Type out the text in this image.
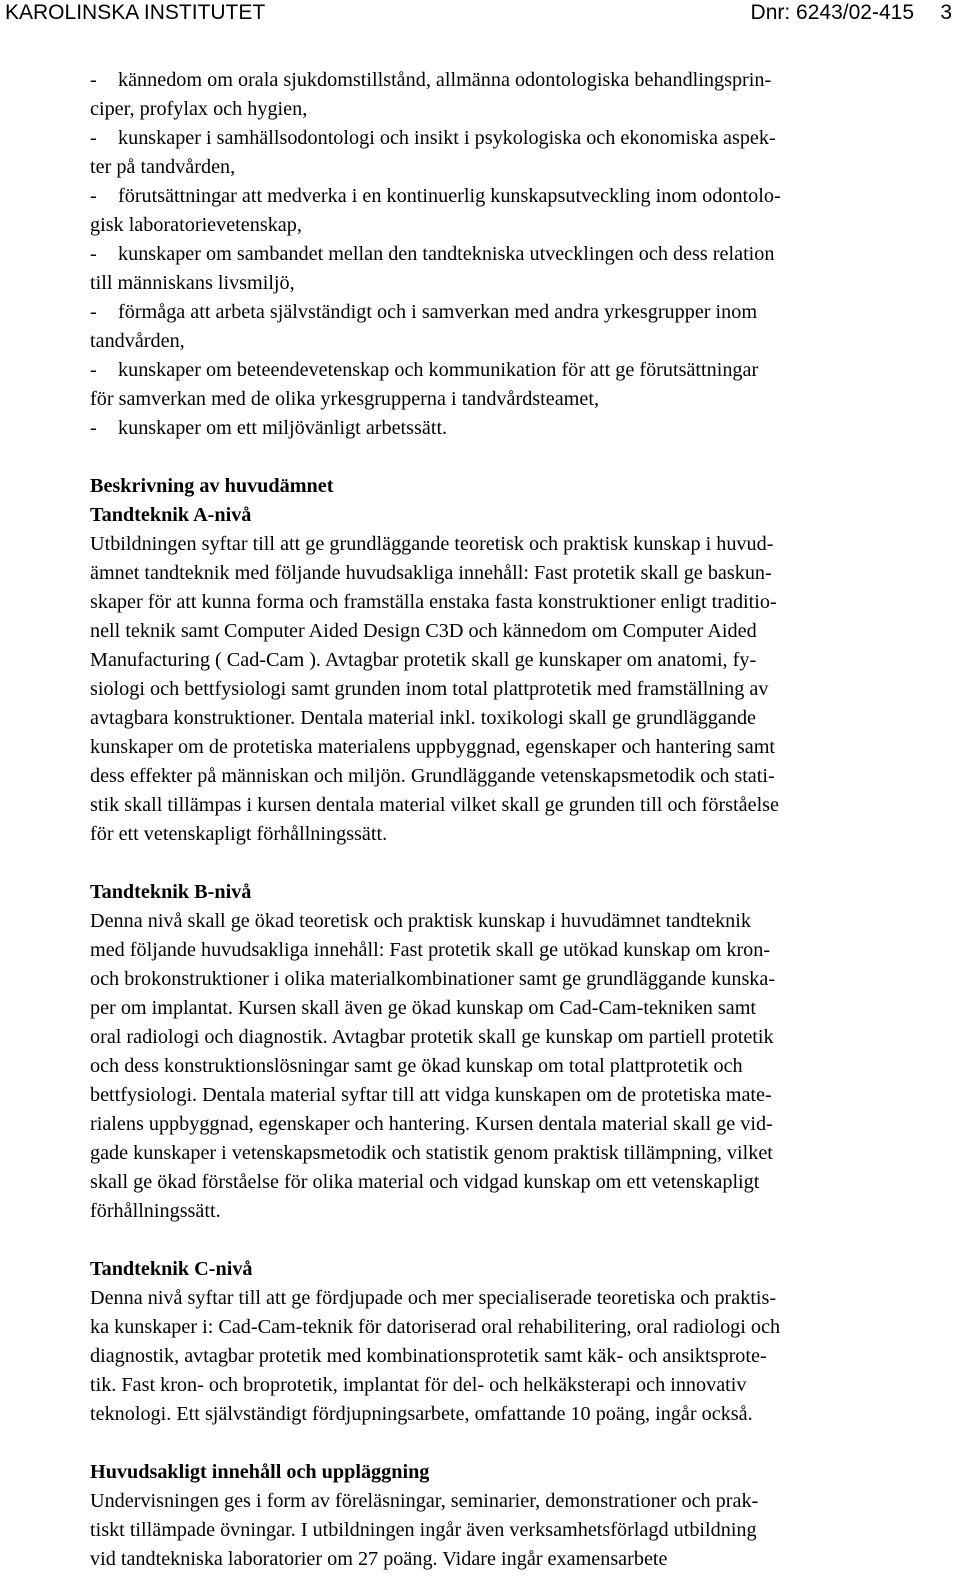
KAROLINSKA INSTITUTET	Dnr: 6243/02-415 3
- kännedom om orala sjukdomstillstånd, allmänna odontologiska behandlingsprin-
ciper, profylax och hygien,
- kunskaper i samhällsodontologi och insikt i psykologiska och ekonomiska aspek-
ter på tandvården,
- förutsättningar att medverka i en kontinuerlig kunskapsutveckling inom odontolo-
gisk laboratorievetenskap,
- kunskaper om sambandet mellan den tandtekniska utvecklingen och dess relation
till människans livsmiljö,
- förmåga att arbeta självständigt och i samverkan med andra yrkesgrupper inom
tandvården,
- kunskaper om beteendevetenskap och kommunikation för att ge förutsättningar
för samverkan med de olika yrkesgrupperna i tandvårdsteamet,
- kunskaper om ett miljövänligt arbetssätt.
Beskrivning av huvudämnet
Tandteknik A-nivå
Utbildningen syftar till att ge grundläggande teoretisk och praktisk kunskap i huvud-
ämnet tandteknik med följande huvudsakliga innehåll: Fast protetik skall ge baskun-
skaper för att kunna forma och framställa enstaka fasta konstruktioner enligt traditio-
nell teknik samt Computer Aided Design C3D och kännedom om Computer Aided
Manufacturing ( Cad-Cam ). Avtagbar protetik skall ge kunskaper om anatomi, fy-
siologi och bettfysiologi samt grunden inom total plattprotetik med framställning av
avtagbara konstruktioner. Dentala material inkl. toxikologi skall ge grundläggande
kunskaper om de protetiska materialens uppbyggnad, egenskaper och hantering samt
dess effekter på människan och miljön. Grundläggande vetenskapsmetodik och stati-
stik skall tillämpas i kursen dentala material vilket skall ge grunden till och förståelse
för ett vetenskapligt förhållningssätt.
Tandteknik B-nivå
Denna nivå skall ge ökad teoretisk och praktisk kunskap i huvudämnet tandteknik
med följande huvudsakliga innehåll: Fast protetik skall ge utökad kunskap om kron-
och brokonstruktioner i olika materialkombinationer samt ge grundläggande kunska-
per om implantat. Kursen skall även ge ökad kunskap om Cad-Cam-tekniken samt
oral radiologi och diagnostik. Avtagbar protetik skall ge kunskap om partiell protetik
och dess konstruktionslösningar samt ge ökad kunskap om total plattprotetik och
bettfysiologi. Dentala material syftar till att vidga kunskapen om de protetiska mate-
rialens uppbyggnad, egenskaper och hantering. Kursen dentala material skall ge vid-
gade kunskaper i vetenskapsmetodik och statistik genom praktisk tillämpning, vilket
skall ge ökad förståelse för olika material och vidgad kunskap om ett vetenskapligt
förhållningssätt.
Tandteknik C-nivå
Denna nivå syftar till att ge fördjupade och mer specialiserade teoretiska och praktis-
ka kunskaper i: Cad-Cam-teknik för datoriserad oral rehabilitering, oral radiologi och
diagnostik, avtagbar protetik med kombinationsprotetik samt käk- och ansiktsprote-
tik. Fast kron- och broprotetik, implantat för del- och helkäksterapi och innovativ
teknologi. Ett självständigt fördjupningsarbete, omfattande 10 poäng, ingår också.
Huvudsakligt innehåll och uppläggning
Undervisningen ges i form av föreläsningar, seminarier, demonstrationer och prak-
tiskt tillämpade övningar. I utbildningen ingår även verksamhetsförlagd utbildning
vid tandtekniska laboratorier om 27 poäng. Vidare ingår examensarbete
